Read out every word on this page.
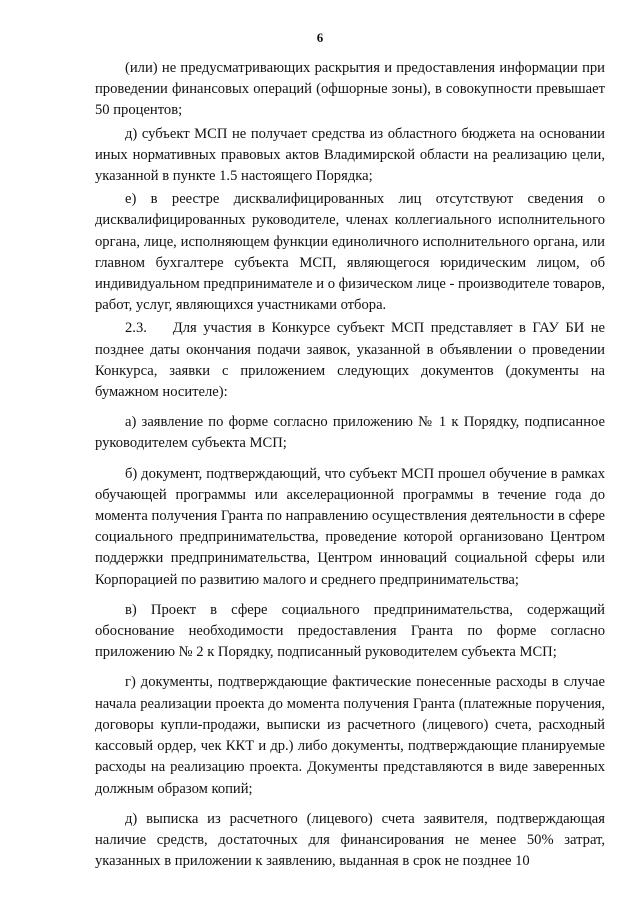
6

(или) не предусматривающих раскрытия и предоставления информации при проведении финансовых операций (офшорные зоны), в совокупности превышает 50 процентов;

д) субъект МСП не получает средства из областного бюджета на основании иных нормативных правовых актов Владимирской области на реализацию цели, указанной в пункте 1.5 настоящего Порядка;

е) в реестре дисквалифицированных лиц отсутствуют сведения о дисквалифицированных руководителе, членах коллегиального исполнительного органа, лице, исполняющем функции единоличного исполнительного органа, или главном бухгалтере субъекта МСП, являющегося юридическим лицом, об индивидуальном предпринимателе и о физическом лице - производителе товаров, работ, услуг, являющихся участниками отбора.

2.3.    Для участия в Конкурсе субъект МСП представляет в ГАУ БИ не позднее даты окончания подачи заявок, указанной в объявлении о проведении Конкурса, заявки с приложением следующих документов (документы на бумажном носителе):

а) заявление по форме согласно приложению № 1 к Порядку, подписанное руководителем субъекта МСП;

б) документ, подтверждающий, что субъект МСП прошел обучение в рамках обучающей программы или акселерационной программы в течение года до момента получения Гранта по направлению осуществления деятельности в сфере социального предпринимательства, проведение которой организовано Центром поддержки предпринимательства, Центром инноваций социальной сферы или Корпорацией по развитию малого и среднего предпринимательства;

в) Проект в сфере социального предпринимательства, содержащий обоснование необходимости предоставления Гранта по форме согласно приложению № 2 к Порядку, подписанный руководителем субъекта МСП;

г) документы, подтверждающие фактические понесенные расходы в случае начала реализации проекта до момента получения Гранта (платежные поручения, договоры купли-продажи, выписки из расчетного (лицевого) счета, расходный кассовый ордер, чек ККТ и др.) либо документы, подтверждающие планируемые расходы на реализацию проекта. Документы представляются в виде заверенных должным образом копий;

д) выписка из расчетного (лицевого) счета заявителя, подтверждающая наличие средств, достаточных для финансирования не менее 50% затрат, указанных в приложении к заявлению, выданная в срок не позднее 10
